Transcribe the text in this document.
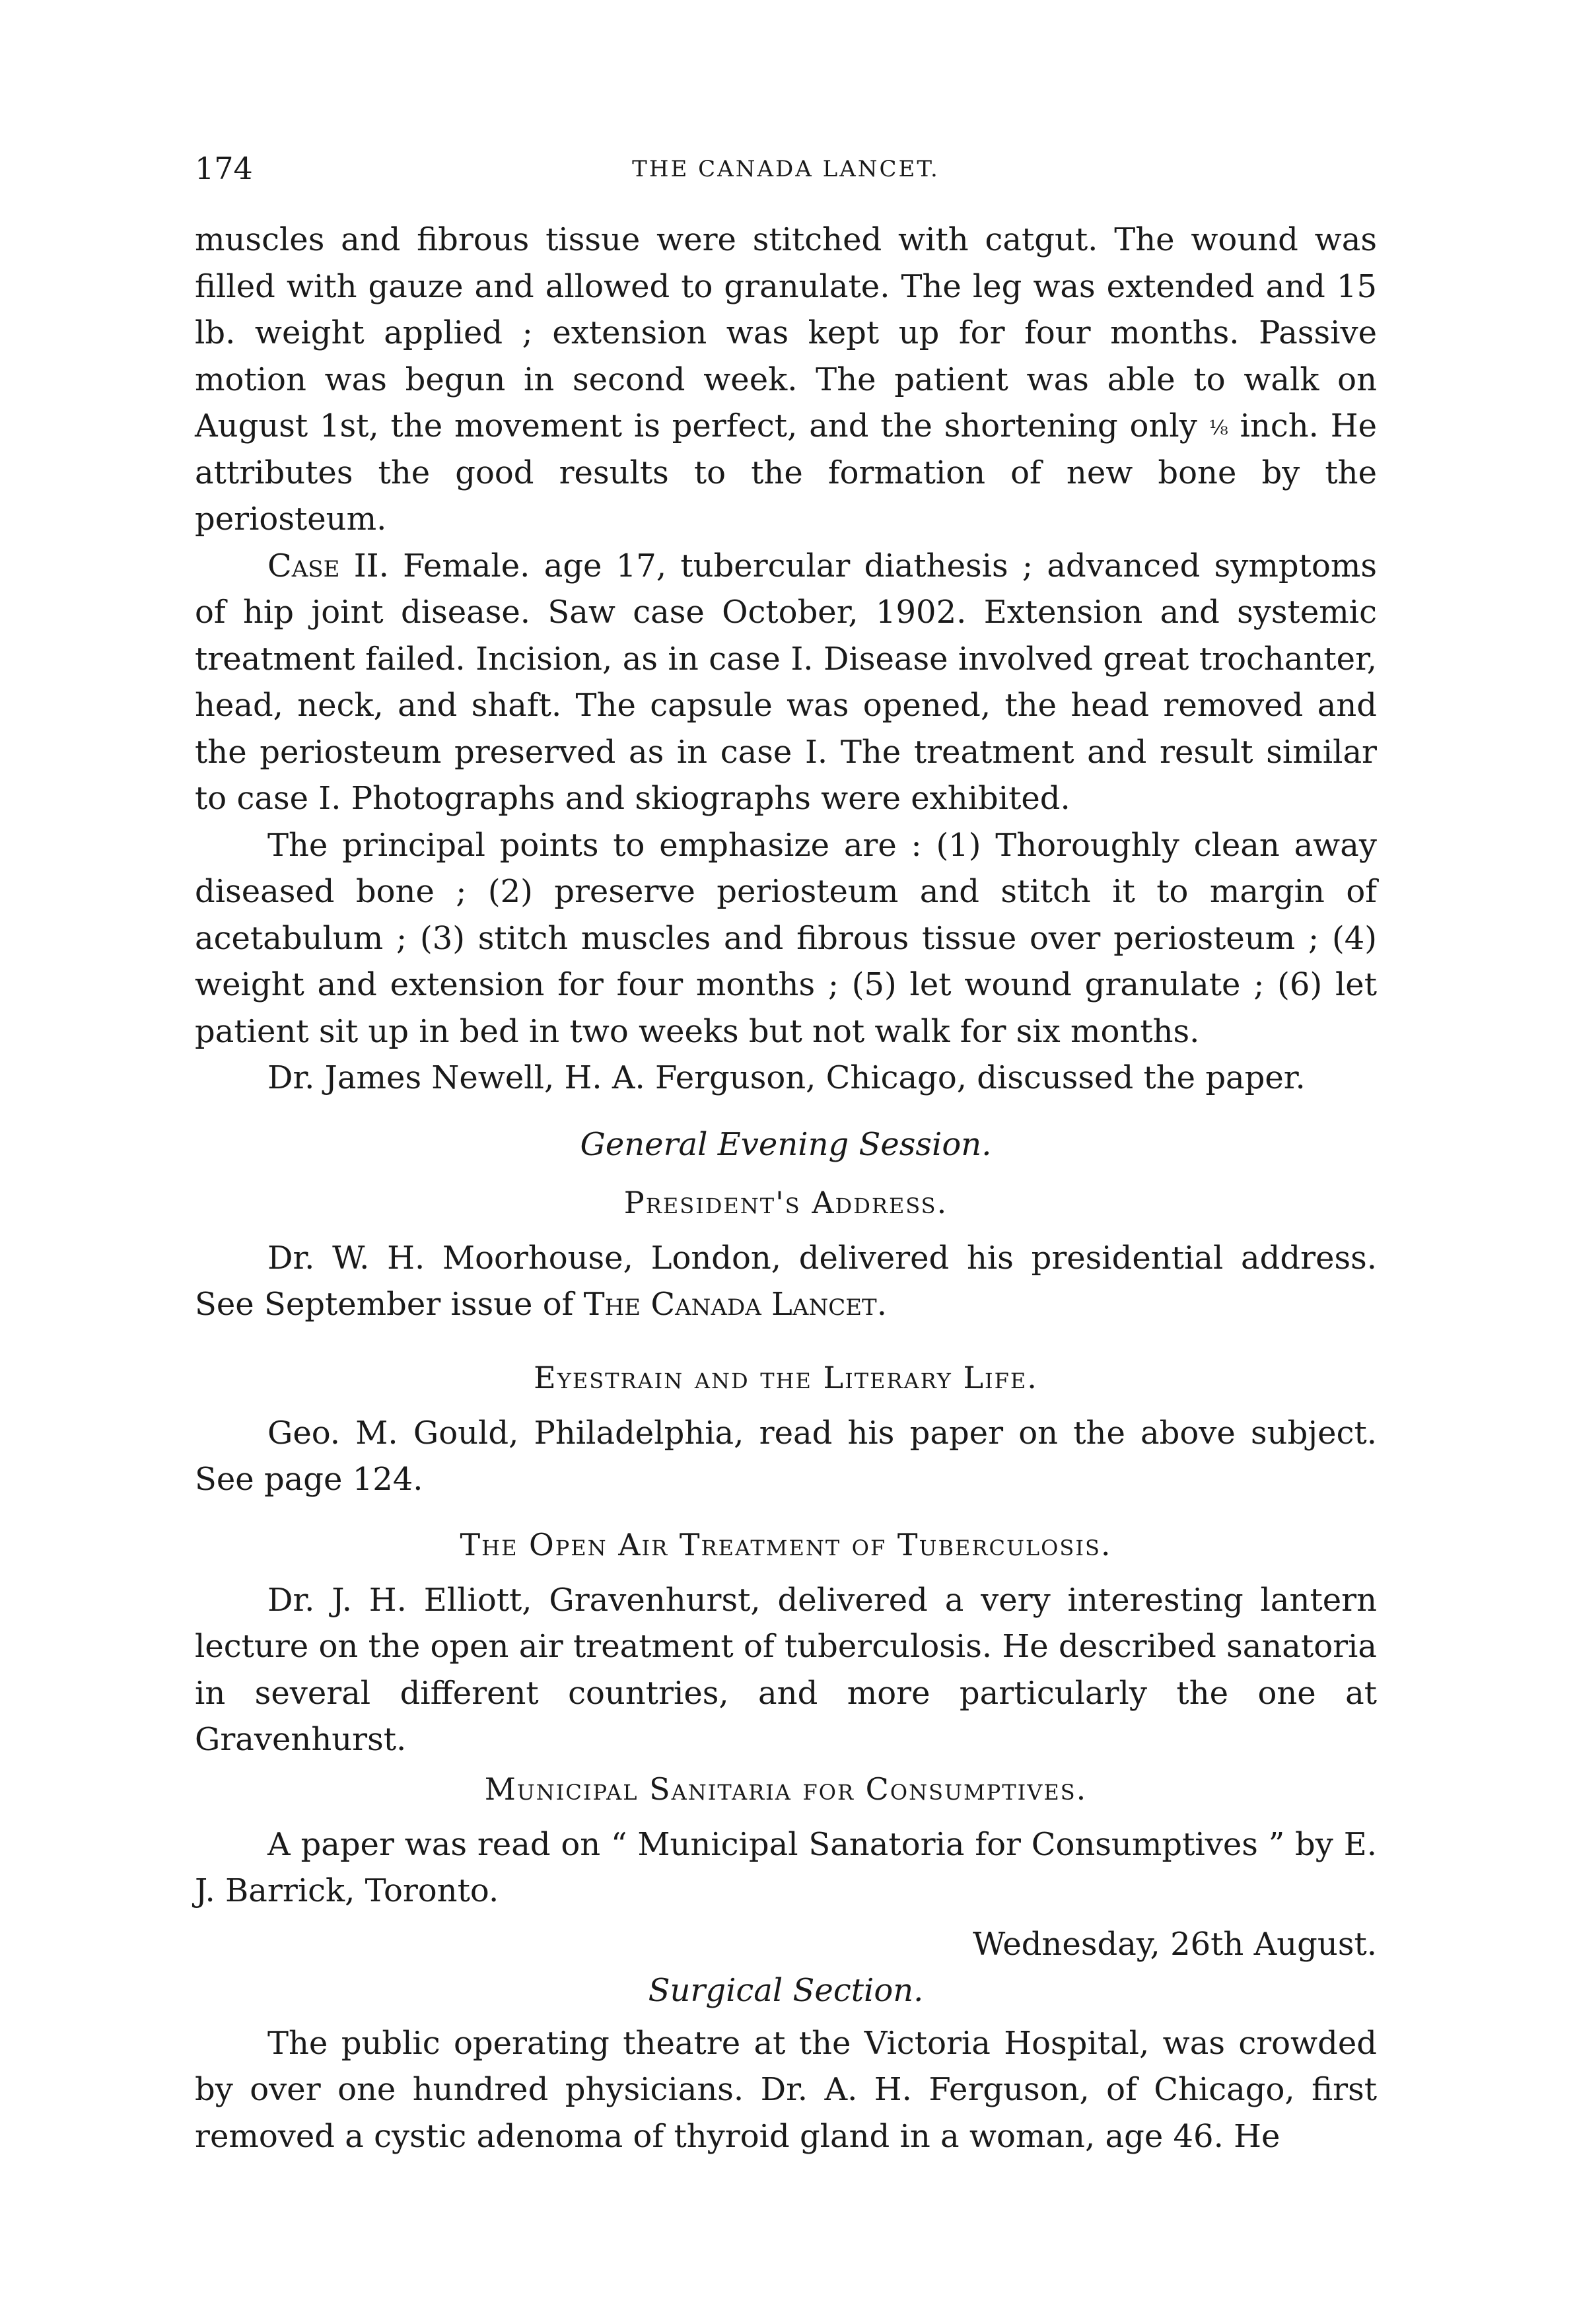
174	THE CANADA LANCET.

muscles and fibrous tissue were stitched with catgut. The wound was filled with gauze and allowed to granulate. The leg was extended and 15 lb. weight applied ; extension was kept up for four months. Passive motion was begun in second week. The patient was able to walk on August 1st, the movement is perfect, and the shortening only ⅛ inch. He attributes the good results to the formation of new bone by the periosteum.

Case II. Female. age 17, tubercular diathesis ; advanced symptoms of hip joint disease. Saw case October, 1902. Extension and systemic treatment failed. Incision, as in case I. Disease involved great trochanter, head, neck, and shaft. The capsule was opened, the head removed and the periosteum preserved as in case I. The treatment and result similar to case I. Photographs and skiographs were exhibited.

The principal points to emphasize are : (1) Thoroughly clean away diseased bone ; (2) preserve periosteum and stitch it to margin of acetabulum ; (3) stitch muscles and fibrous tissue over periosteum ; (4) weight and extension for four months ; (5) let wound granulate ; (6) let patient sit up in bed in two weeks but not walk for six months.

Dr. James Newell, H. A. Ferguson, Chicago, discussed the paper.

General Evening Session.
President's Address.

Dr. W. H. Moorhouse, London, delivered his presidential address. See September issue of The Canada Lancet.

Eyestrain and the Literary Life.

Geo. M. Gould, Philadelphia, read his paper on the above subject. See page 124.

The Open Air Treatment of Tuberculosis.

Dr. J. H. Elliott, Gravenhurst, delivered a very interesting lantern lecture on the open air treatment of tuberculosis. He described sanatoria in several different countries, and more particularly the one at Gravenhurst.

Municipal Sanitaria for Consumptives.

A paper was read on “ Municipal Sanatoria for Consumptives ” by E. J. Barrick, Toronto.

Wednesday, 26th August.
Surgical Section.

The public operating theatre at the Victoria Hospital, was crowded by over one hundred physicians. Dr. A. H. Ferguson, of Chicago, first removed a cystic adenoma of thyroid gland in a woman, age 46. He
